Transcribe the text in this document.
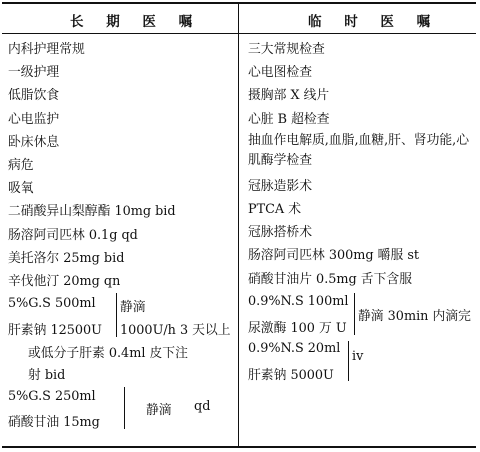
长 期 医 嘱	临 时 医 嘱
内科护理常规
一级护理
低脂饮食
心电监护
卧床休息
病危
吸氧
二硝酸异山梨醇酯 10mg bid
肠溶阿司匹林 0.1g qd
美托洛尔 25mg bid
辛伐他汀 20mg qn
5%G.S 500ml
肝素钠 12500U
静滴
1000U/h 3 天以上
或低分子肝素 0.4ml 皮下注
射 bid
5%G.S 250ml
硝酸甘油 15mg
静滴 qd
三大常规检查
心电图检查
摄胸部 X 线片
心脏 B 超检查
抽血作电解质,血脂,血糖,肝、肾功能,心肌酶学检查
冠脉造影术
PTCA 术
冠脉搭桥术
肠溶阿司匹林 300mg 嚼服 st
硝酸甘油片 0.5mg 舌下含服
0.9%N.S 100ml
尿激酶 100 万 U
静滴 30min 内滴完
0.9%N.S 20ml
肝素钠 5000U
iv
